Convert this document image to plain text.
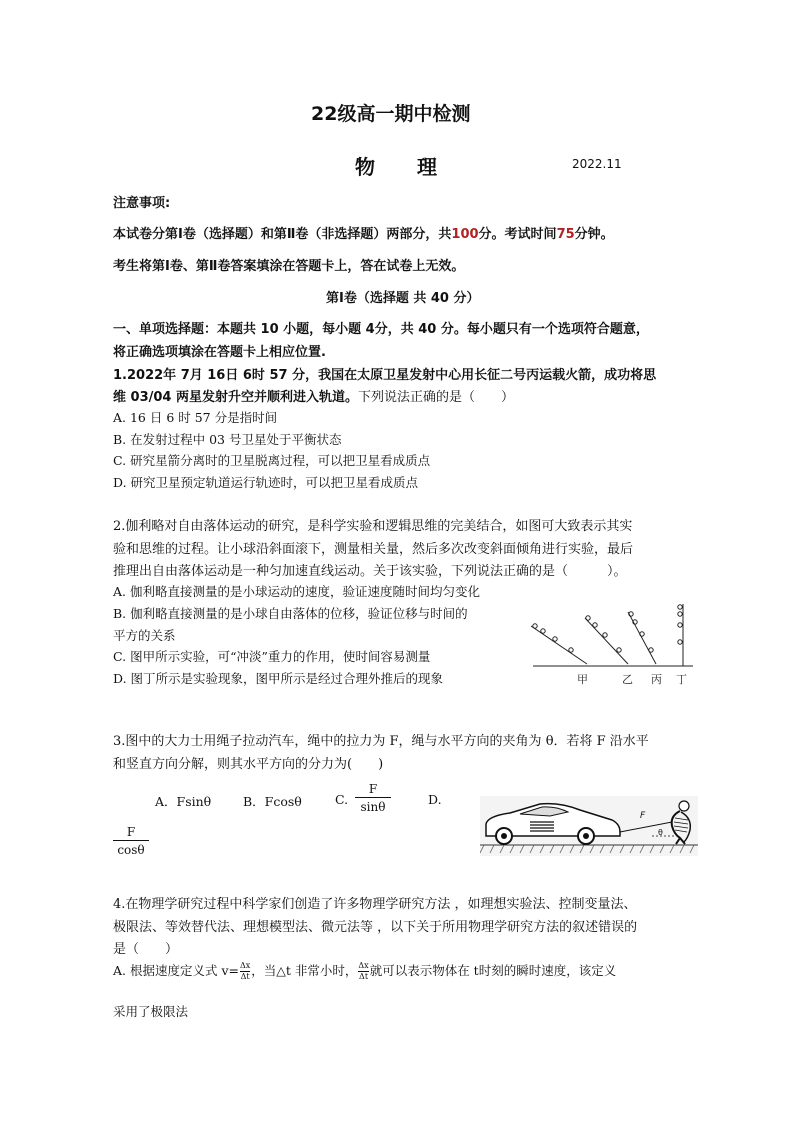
22级高一期中检测
物 理	2022.11
注意事项:
本试卷分第Ⅰ卷（选择题）和第Ⅱ卷（非选择题）两部分，共100分。考试时间75分钟。
考生将第Ⅰ卷、第Ⅱ卷答案填涂在答题卡上，答在试卷上无效。
第Ⅰ卷（选择题 共 40 分）
一、单项选择题：本题共 10 小题，每小题 4分，共 40 分。每小题只有一个选项符合题意，
将正确选项填涂在答题卡上相应位置.
1.2022年 7月 16日 6时 57 分，我国在太原卫星发射中心用长征二号丙运载火箭，成功将思
维 03/04 两星发射升空并顺利进入轨道。下列说法正确的是（　　）
A. 16 日 6 时 57 分是指时间
B. 在发射过程中 03 号卫星处于平衡状态
C. 研究星箭分离时的卫星脱离过程，可以把卫星看成质点
D. 研究卫星预定轨道运行轨迹时，可以把卫星看成质点
2.伽利略对自由落体运动的研究，是科学实验和逻辑思维的完美结合，如图可大致表示其实
验和思维的过程。让小球沿斜面滚下，测量相关量，然后多次改变斜面倾角进行实验，最后
推理出自由落体运动是一种匀加速直线运动。关于该实验，下列说法正确的是（　　　）。
A. 伽利略直接测量的是小球运动的速度，验证速度随时间均匀变化
B. 伽利略直接测量的是小球自由落体的位移，验证位移与时间的
平方的关系
C. 图甲所示实验，可“冲淡”重力的作用，使时间容易测量
D. 图丁所示是实验现象，图甲所示是经过合理外推后的现象	甲	乙 丙 丁
3.图中的大力士用绳子拉动汽车，绳中的拉力为 F，绳与水平方向的夹角为 θ．若将 F 沿水平
和竖直方向分解，则其水平方向的分力为(　　)
A．Fsinθ	B．Fcosθ	C. $\frac{F}{\sin\theta}$	D.
$\frac{F}{\cos\theta}$
F
θ
4.在物理学研究过程中科学家们创造了许多物理学研究方法 ，如理想实验法、控制变量法、
极限法、等效替代法、理想模型法、微元法等 ，以下关于所用物理学研究方法的叙述错误的
是（　　）
A. 根据速度定义式 $v= \frac{\Delta x}{\Delta t}$ ，当△t 非常小时， $\frac{\Delta x}{\Delta t}$ 就可以表示物体在 t时刻的瞬时速度，该定义
采用了极限法
